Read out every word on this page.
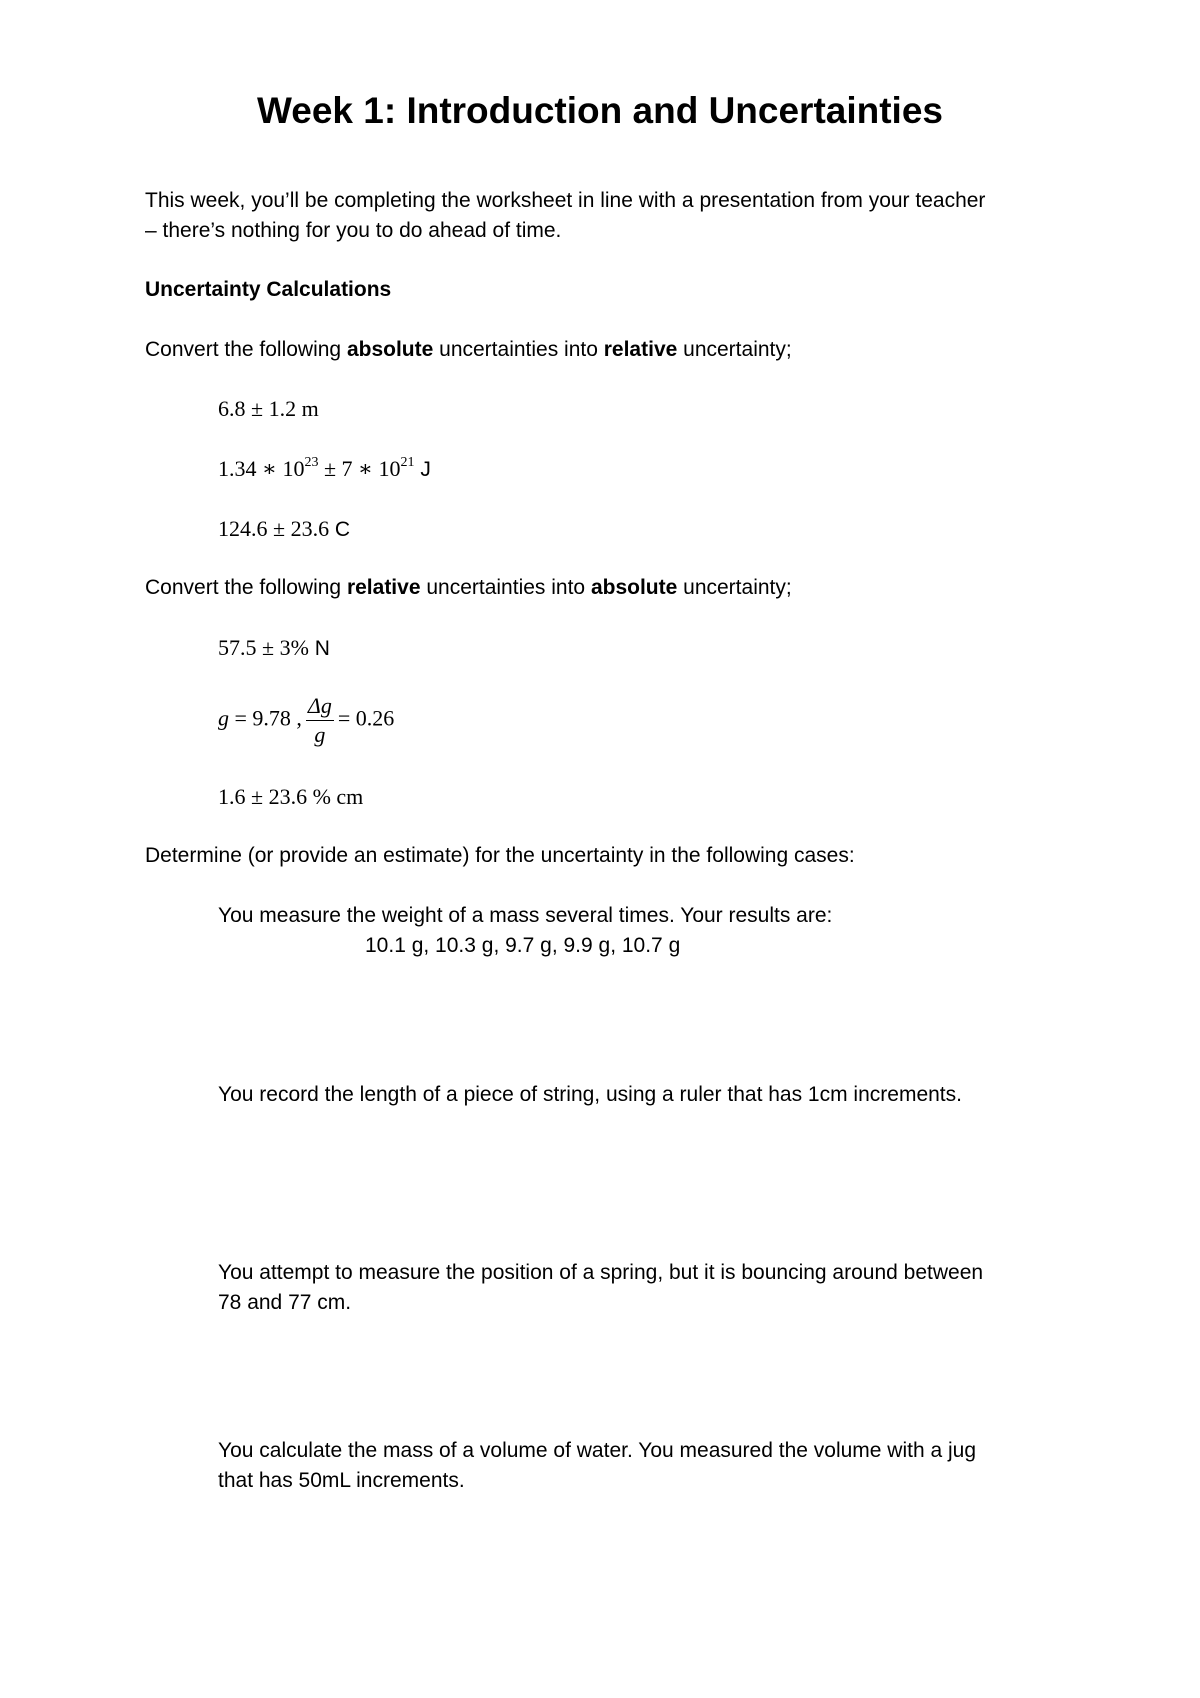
Week 1: Introduction and Uncertainties
This week, you’ll be completing the worksheet in line with a presentation from your teacher
– there’s nothing for you to do ahead of time.
Uncertainty Calculations
Convert the following absolute uncertainties into relative uncertainty;
6.8 ± 1.2 m
1.34 ∗ $10^{23} \pm 7$ ∗ $10^{21}$ J
124.6 ± 23.6 C
Convert the following relative uncertainties into absolute uncertainty;
57.5 ± 3% N
g = 9.78 , $\frac{\Delta g}{g} = 0.26$
1.6 ± 23.6 % cm
Determine (or provide an estimate) for the uncertainty in the following cases:
You measure the weight of a mass several times. Your results are:
10.1 g, 10.3 g, 9.7 g, 9.9 g, 10.7 g
You record the length of a piece of string, using a ruler that has 1cm increments.
You attempt to measure the position of a spring, but it is bouncing around between
78 and 77 cm.
You calculate the mass of a volume of water. You measured the volume with a jug
that has 50mL increments.
